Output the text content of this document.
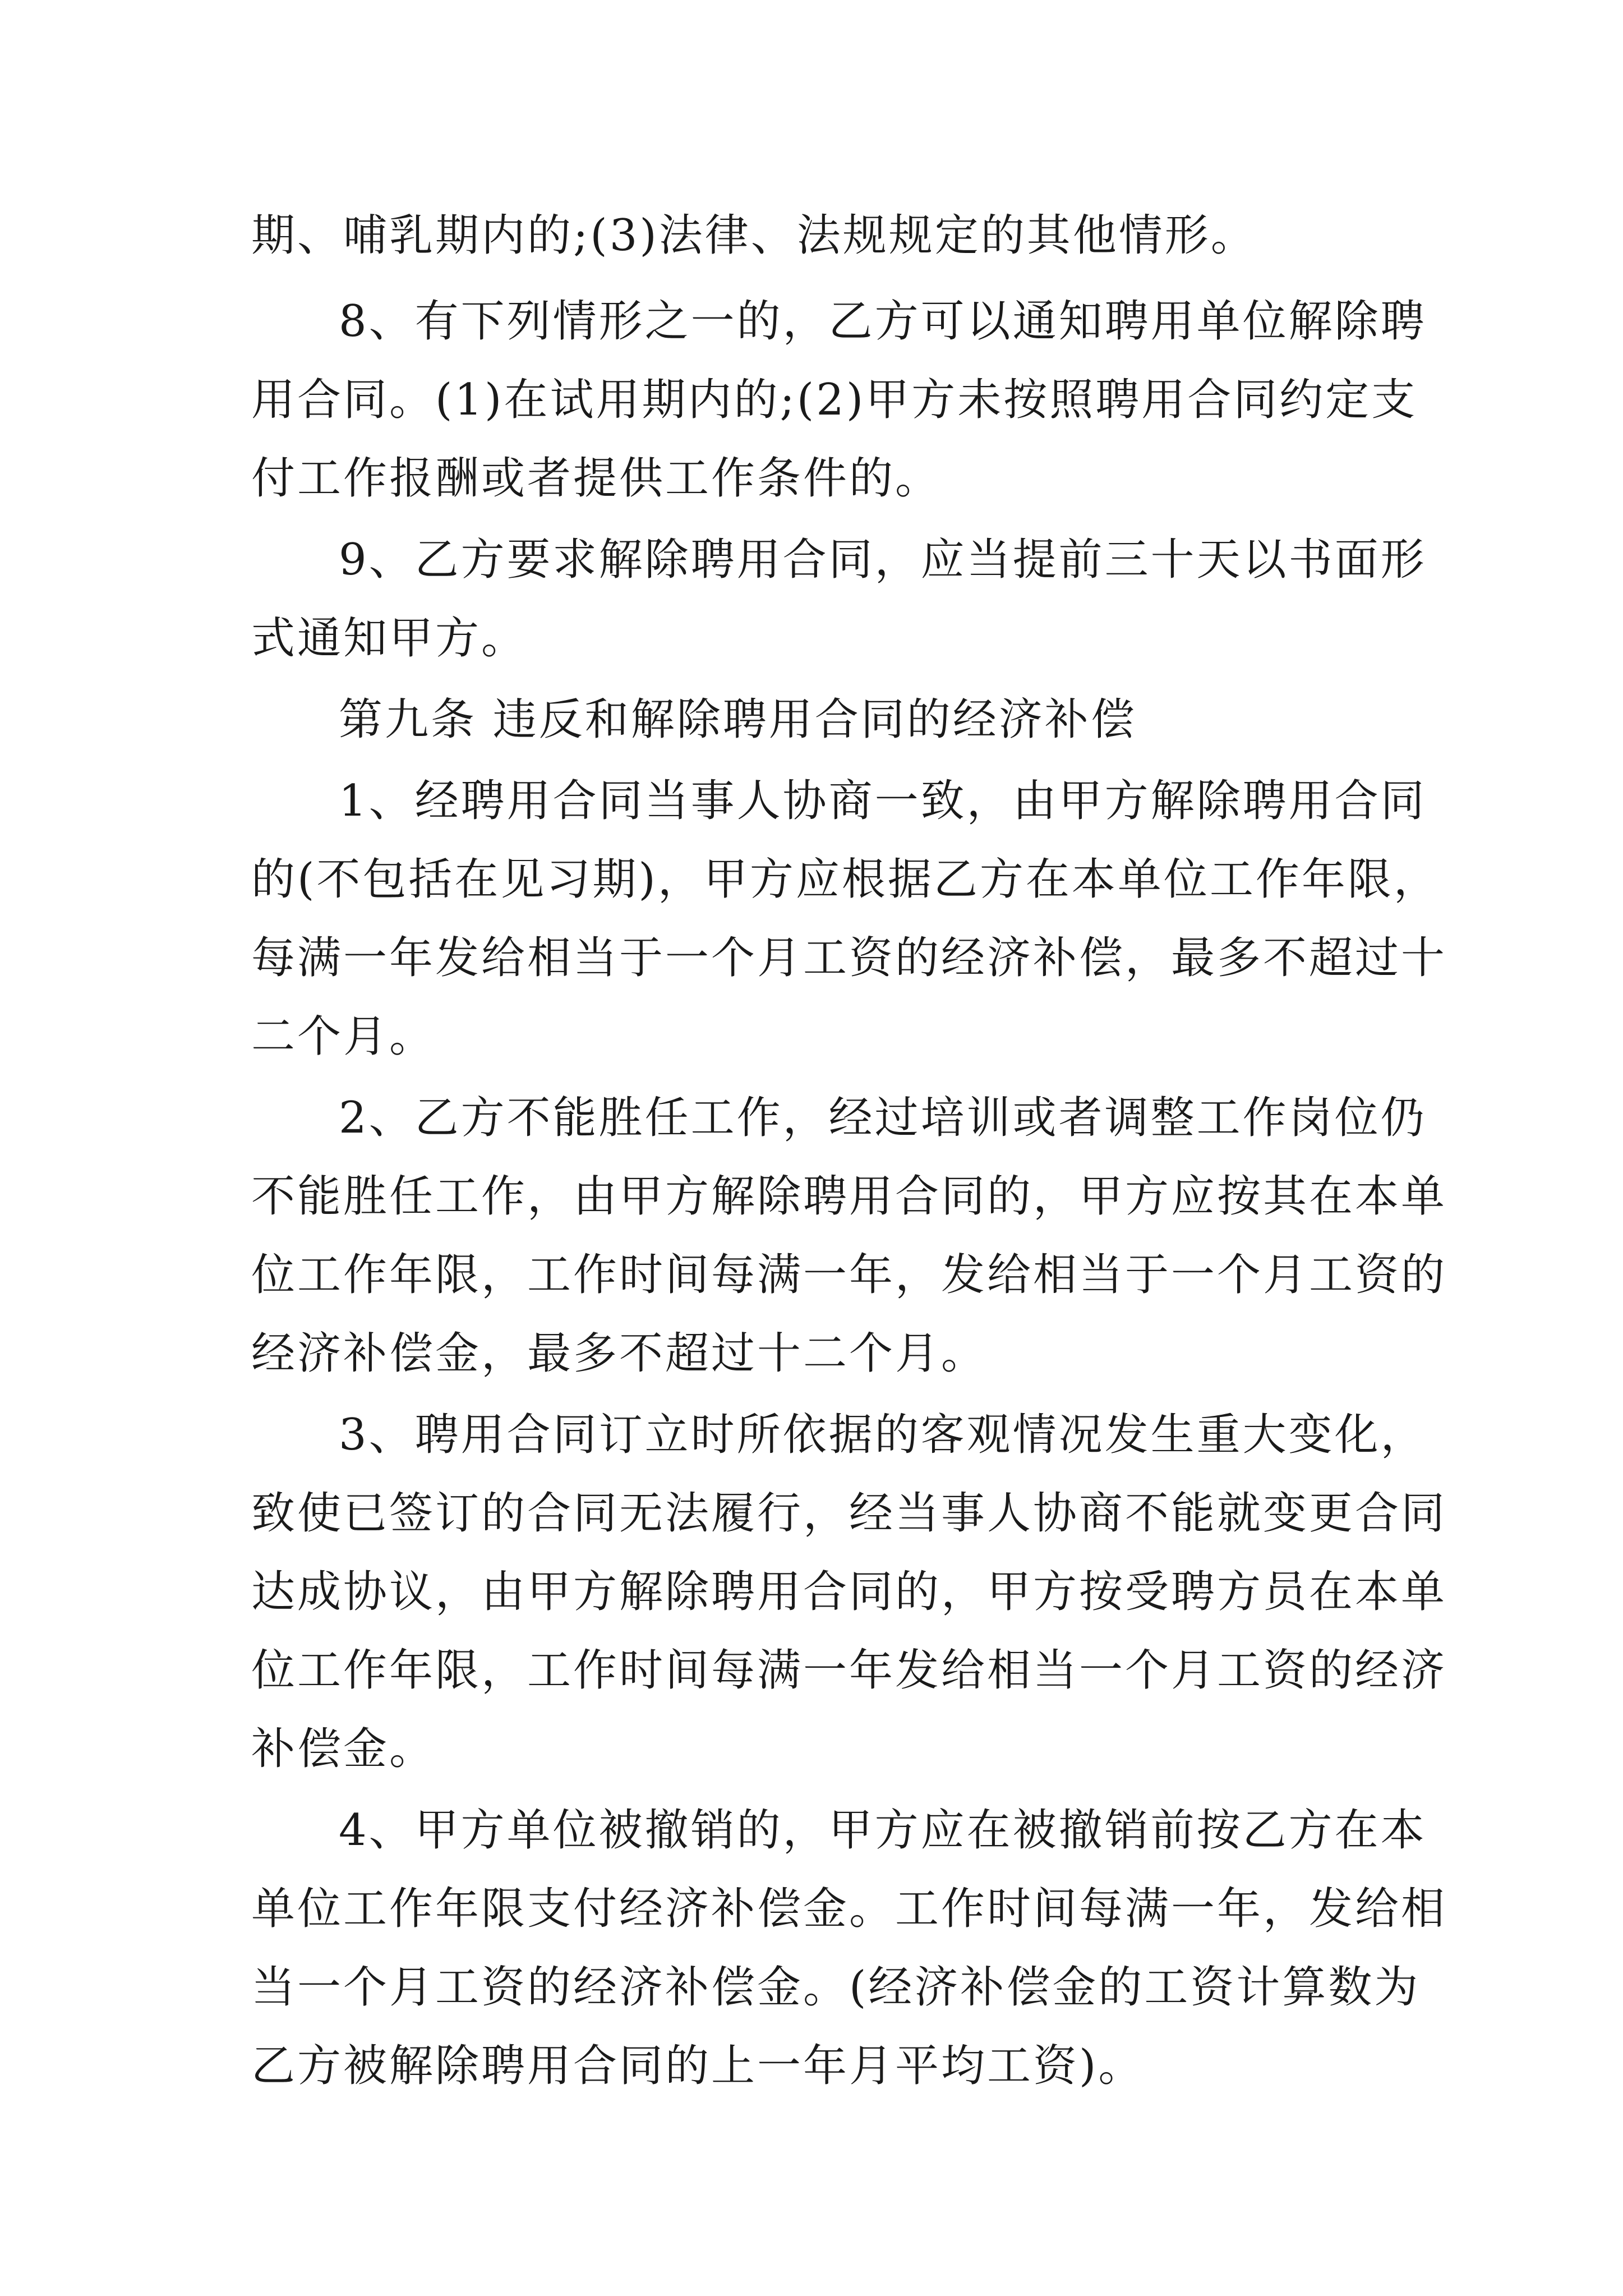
期、哺乳期内的;(3)法律、法规规定的其他情形。
8、有下列情形之一的，乙方可以通知聘用单位解除聘
用合同。(1)在试用期内的;(2)甲方未按照聘用合同约定支
付工作报酬或者提供工作条件的。
9、乙方要求解除聘用合同，应当提前三十天以书面形
式通知甲方。
第九条 违反和解除聘用合同的经济补偿
1、经聘用合同当事人协商一致，由甲方解除聘用合同
的(不包括在见习期)，甲方应根据乙方在本单位工作年限，
每满一年发给相当于一个月工资的经济补偿，最多不超过十
二个月。
2、乙方不能胜任工作，经过培训或者调整工作岗位仍
不能胜任工作，由甲方解除聘用合同的，甲方应按其在本单
位工作年限，工作时间每满一年，发给相当于一个月工资的
经济补偿金，最多不超过十二个月。
3、聘用合同订立时所依据的客观情况发生重大变化，
致使已签订的合同无法履行，经当事人协商不能就变更合同
达成协议，由甲方解除聘用合同的，甲方按受聘方员在本单
位工作年限，工作时间每满一年发给相当一个月工资的经济
补偿金。
4、甲方单位被撤销的，甲方应在被撤销前按乙方在本
单位工作年限支付经济补偿金。工作时间每满一年，发给相
当一个月工资的经济补偿金。(经济补偿金的工资计算数为
乙方被解除聘用合同的上一年月平均工资)。
